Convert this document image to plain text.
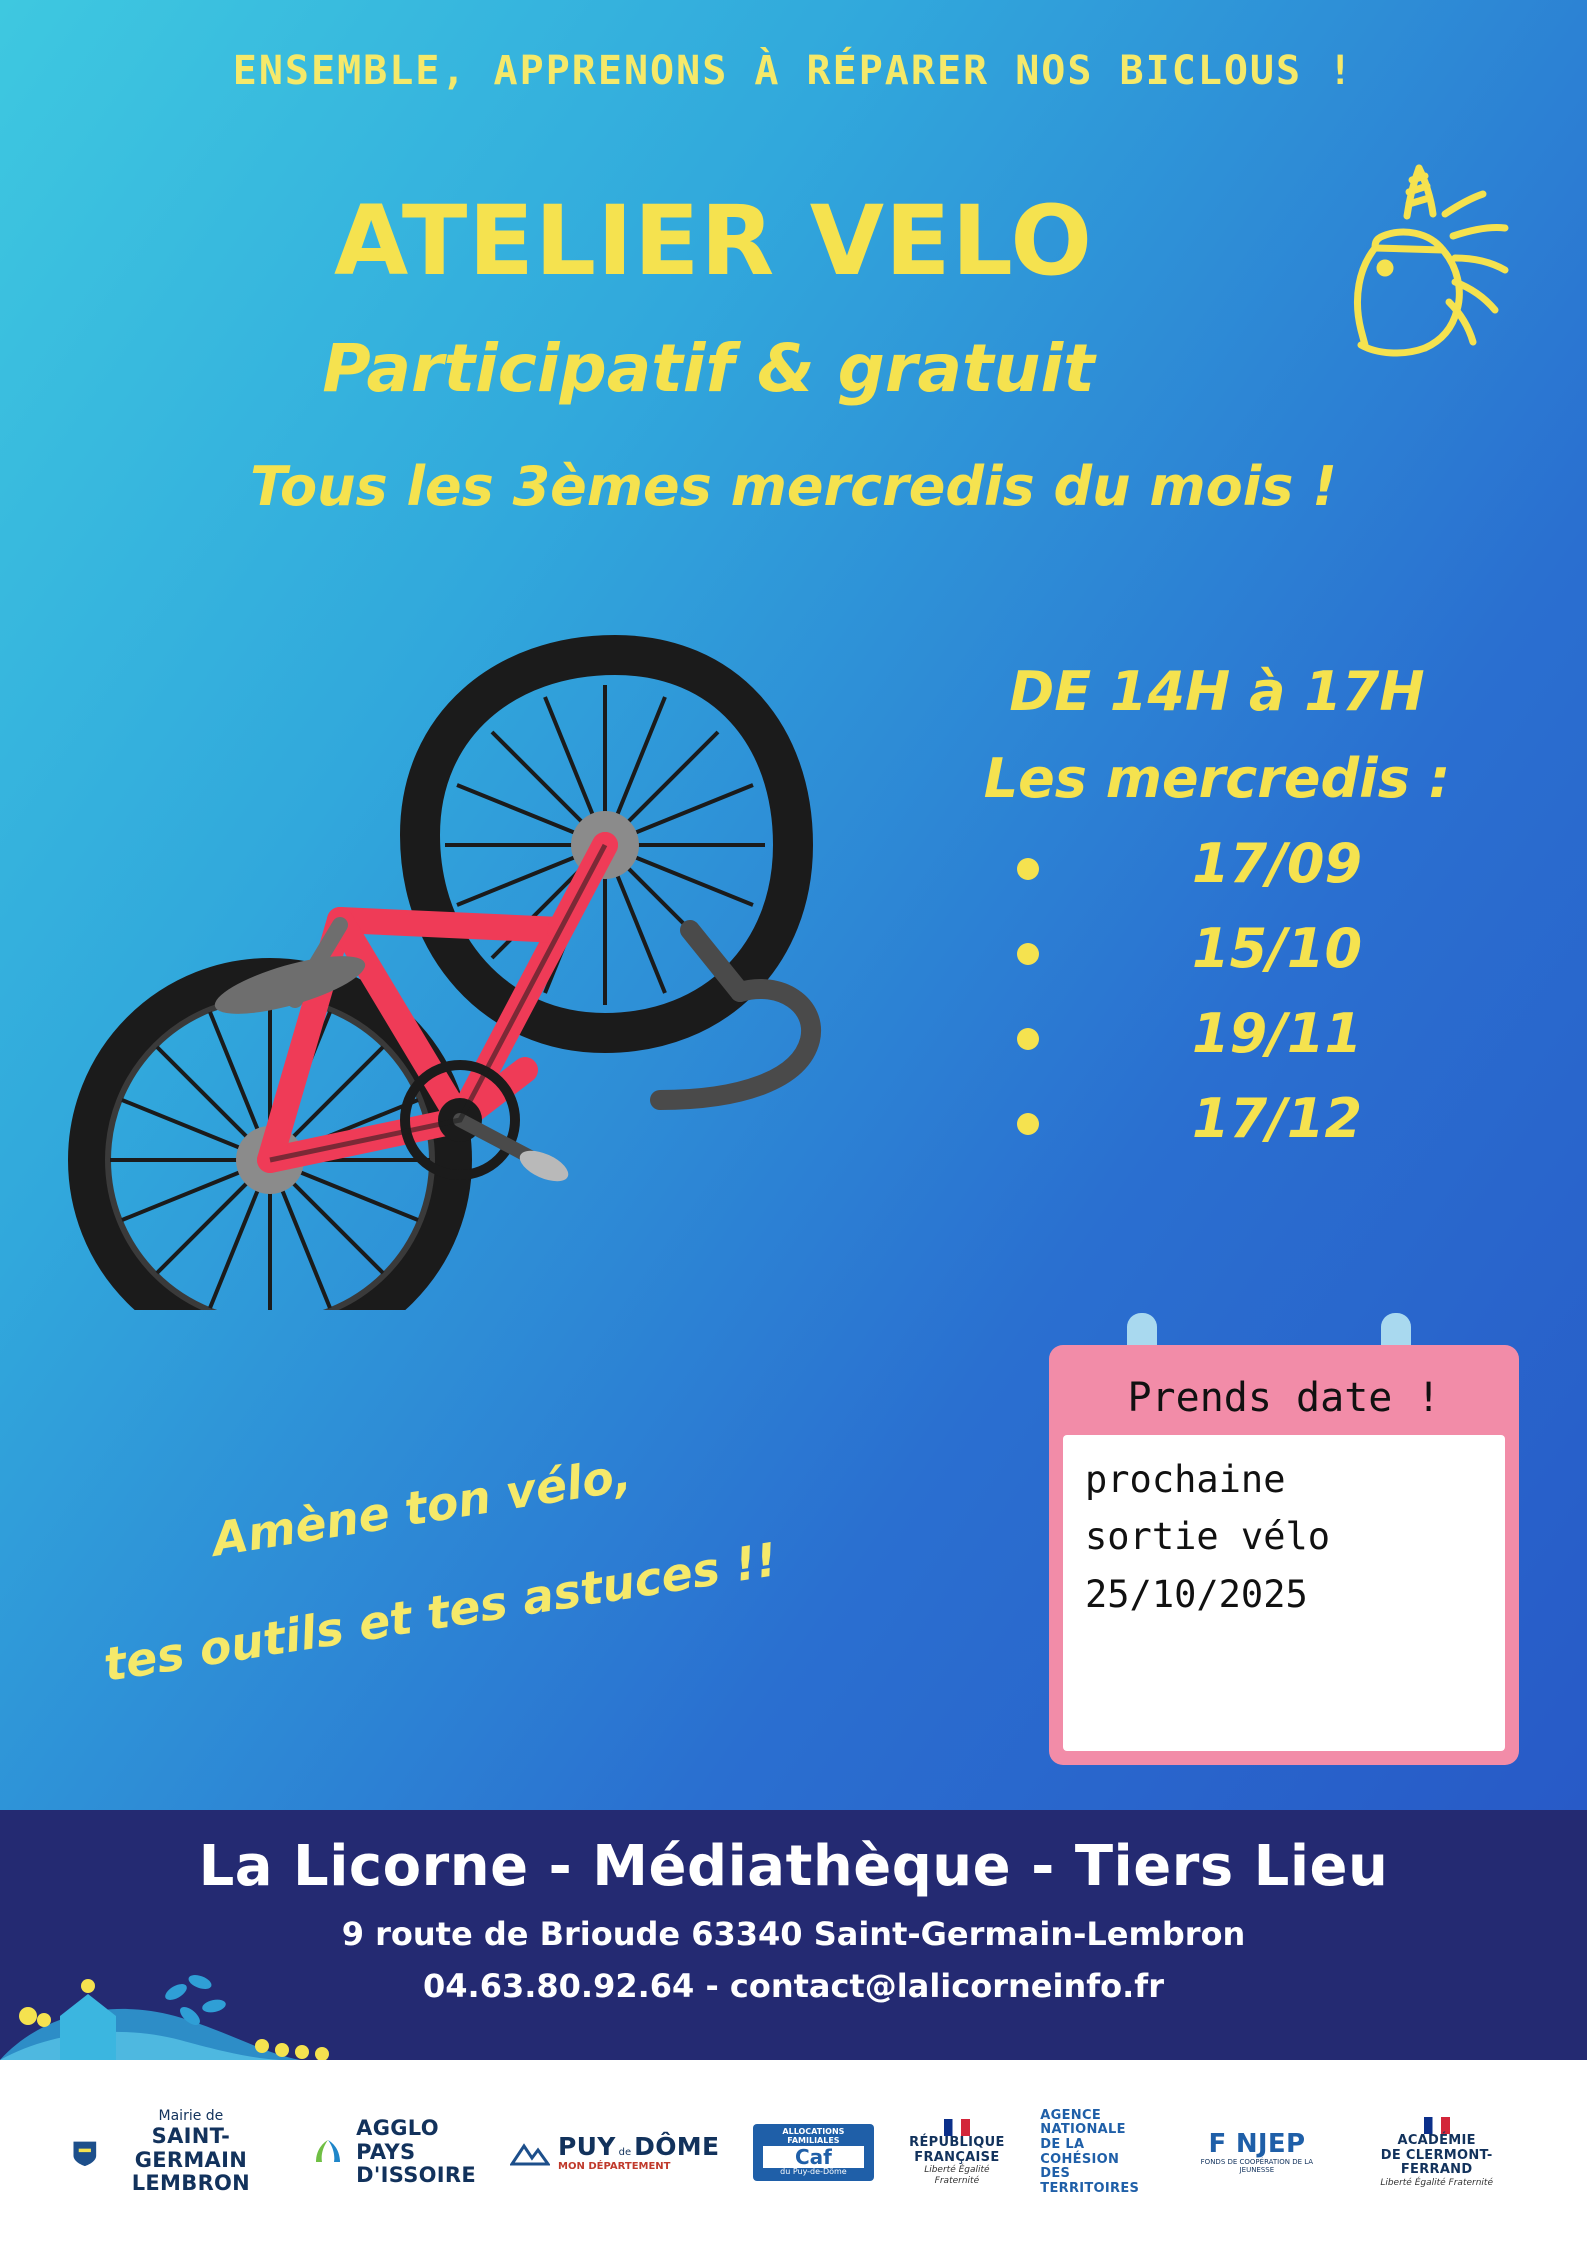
ENSEMBLE, APPRENONS À RÉPARER NOS BICLOUS !
ATELIER VELO
Participatif & gratuit
Tous les 3èmes mercredis du mois !
DE 14H à 17H
Les mercredis :
17/09
15/10
19/11
17/12
Amène ton vélo,
tes outils et tes astuces !!
Prends date !
prochaine
sortie vélo
25/10/2025
La Licorne - Médiathèque - Tiers Lieu
9 route de Brioude 63340 Saint-Germain-Lembron
04.63.80.92.64 - contact@lalicorneinfo.fr
Mairie de
SAINT-GERMAIN
LEMBRON
AGGLO
PAYS
D'ISSOIRE
PUY de DÔME
MON DÉPARTEMENT
ALLOCATIONS FAMILIALES
Caf
du Puy-de-Dôme
RÉPUBLIQUE
FRANÇAISE
Liberté Égalité Fraternité
AGENCE
NATIONALE
DE LA COHÉSION
DES TERRITOIRES
F NJEP
FONDS DE COOPÉRATION DE LA JEUNESSE
ACADÉMIE
DE CLERMONT-FERRAND
Liberté Égalité Fraternité
